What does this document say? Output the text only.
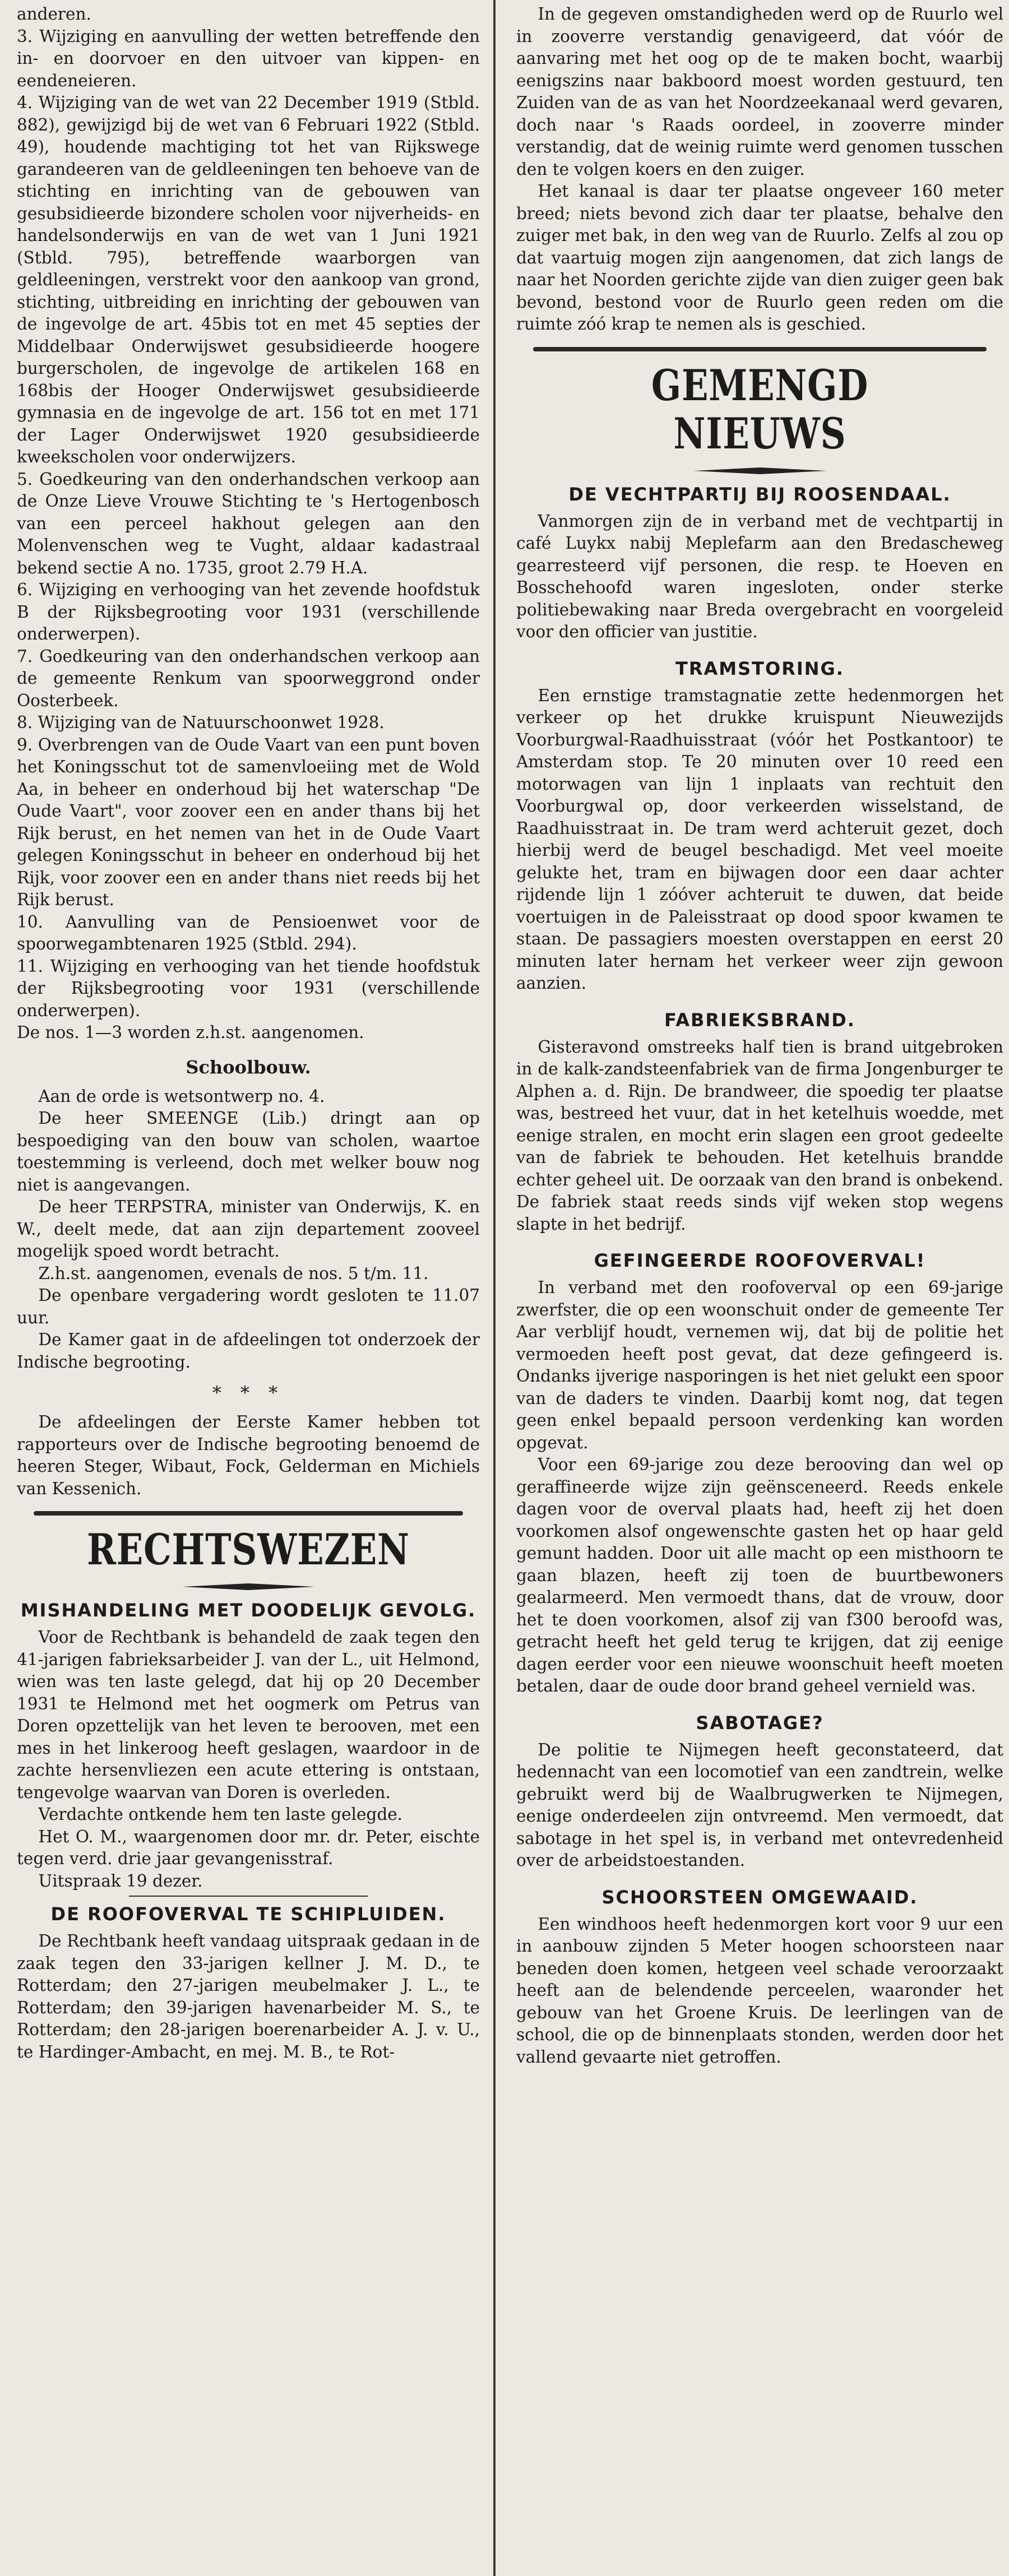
anderen.

3. Wijziging en aanvulling der wetten betreffende den in- en doorvoer en den uitvoer van kippen- en eendeneieren.

4. Wijziging van de wet van 22 December 1919 (Stbld. 882), gewijzigd bij de wet van 6 Februari 1922 (Stbld. 49), houdende machtiging tot het van Rijkswege garandeeren van de geldleeningen ten behoeve van de stichting en inrichting van de gebouwen van gesubsidieerde bizondere scholen voor nijverheids- en handelsonderwijs en van de wet van 1 Juni 1921 (Stbld. 795), betreffende waarborgen van geldleeningen, verstrekt voor den aankoop van grond, stichting, uitbreiding en inrichting der gebouwen van de ingevolge de art. 45bis tot en met 45 septies der Middelbaar Onderwijswet gesubsidieerde hoogere burgerscholen, de ingevolge de artikelen 168 en 168bis der Hooger Onderwijswet gesubsidieerde gymnasia en de ingevolge de art. 156 tot en met 171 der Lager Onderwijswet 1920 gesubsidieerde kweekscholen voor onderwijzers.

5. Goedkeuring van den onderhandschen verkoop aan de Onze Lieve Vrouwe Stichting te 's Hertogenbosch van een perceel hakhout gelegen aan den Molenvenschen weg te Vught, aldaar kadastraal bekend sectie A no. 1735, groot 2.79 H.A.

6. Wijziging en verhooging van het zevende hoofdstuk B der Rijksbegrooting voor 1931 (verschillende onderwerpen).

7. Goedkeuring van den onderhandschen verkoop aan de gemeente Renkum van spoorweggrond onder Oosterbeek.

8. Wijziging van de Natuurschoonwet 1928.

9. Overbrengen van de Oude Vaart van een punt boven het Koningsschut tot de samenvloeiing met de Wold Aa, in beheer en onderhoud bij het waterschap "De Oude Vaart", voor zoover een en ander thans bij het Rijk berust, en het nemen van het in de Oude Vaart gelegen Koningsschut in beheer en onderhoud bij het Rijk, voor zoover een en ander thans niet reeds bij het Rijk berust.

10. Aanvulling van de Pensioenwet voor de spoorwegambtenaren 1925 (Stbld. 294).

11. Wijziging en verhooging van het tiende hoofdstuk der Rijksbegrooting voor 1931 (verschillende onderwerpen).

De nos. 1—3 worden z.h.st. aangenomen.

Schoolbouw.

Aan de orde is wetsontwerp no. 4.

De heer SMEENGE (Lib.) dringt aan op bespoediging van den bouw van scholen, waartoe toestemming is verleend, doch met welker bouw nog niet is aangevangen.

De heer TERPSTRA, minister van Onderwijs, K. en W., deelt mede, dat aan zijn departement zooveel mogelijk spoed wordt betracht.

Z.h.st. aangenomen, evenals de nos. 5 t/m. 11.

De openbare vergadering wordt gesloten te 11.07 uur.

De Kamer gaat in de afdeelingen tot onderzoek der Indische begrooting.

* * *

De afdeelingen der Eerste Kamer hebben tot rapporteurs over de Indische begrooting benoemd de heeren Steger, Wibaut, Fock, Gelderman en Michiels van Kessenich.

RECHTSWEZEN
MISHANDELING MET DOODELIJK GEVOLG.

Voor de Rechtbank is behandeld de zaak tegen den 41-jarigen fabrieksarbeider J. van der L., uit Helmond, wien was ten laste gelegd, dat hij op 20 December 1931 te Helmond met het oogmerk om Petrus van Doren opzettelijk van het leven te berooven, met een mes in het linkeroog heeft geslagen, waardoor in de zachte hersenvliezen een acute ettering is ontstaan, tengevolge waarvan van Doren is overleden.

Verdachte ontkende hem ten laste gelegde.

Het O. M., waargenomen door mr. dr. Peter, eischte tegen verd. drie jaar gevangenisstraf.

Uitspraak 19 dezer.

DE ROOFOVERVAL TE SCHIPLUIDEN.

De Rechtbank heeft vandaag uitspraak gedaan in de zaak tegen den 33-jarigen kellner J. M. D., te Rotterdam; den 27-jarigen meubelmaker J. L., te Rotterdam; den 39-jarigen havenarbeider M. S., te Rotterdam; den 28-jarigen boerenarbeider A. J. v. U., te Hardinger-Ambacht, en mej. M. B., te Rot-

In de gegeven omstandigheden werd op de Ruurlo wel in zooverre verstandig genavigeerd, dat vóór de aanvaring met het oog op de te maken bocht, waarbij eenigszins naar bakboord moest worden gestuurd, ten Zuiden van de as van het Noordzeekanaal werd gevaren, doch naar 's Raads oordeel, in zooverre minder verstandig, dat de weinig ruimte werd genomen tusschen den te volgen koers en den zuiger.

Het kanaal is daar ter plaatse ongeveer 160 meter breed; niets bevond zich daar ter plaatse, behalve den zuiger met bak, in den weg van de Ruurlo. Zelfs al zou op dat vaartuig mogen zijn aangenomen, dat zich langs de naar het Noorden gerichte zijde van dien zuiger geen bak bevond, bestond voor de Ruurlo geen reden om die ruimte zóó krap te nemen als is geschied.

GEMENGD NIEUWS
DE VECHTPARTIJ BIJ ROOSENDAAL.

Vanmorgen zijn de in verband met de vechtpartij in café Luykx nabij Meplefarm aan den Bredascheweg gearresteerd vijf personen, die resp. te Hoeven en Bosschehoofd waren ingesloten, onder sterke politiebewaking naar Breda overgebracht en voorgeleid voor den officier van justitie.

TRAMSTORING.

Een ernstige tramstagnatie zette hedenmorgen het verkeer op het drukke kruispunt Nieuwezijds Voorburgwal-Raadhuisstraat (vóór het Postkantoor) te Amsterdam stop. Te 20 minuten over 10 reed een motorwagen van lijn 1 inplaats van rechtuit den Voorburgwal op, door verkeerden wisselstand, de Raadhuisstraat in. De tram werd achteruit gezet, doch hierbij werd de beugel beschadigd. Met veel moeite gelukte het, tram en bijwagen door een daar achter rijdende lijn 1 zóóver achteruit te duwen, dat beide voertuigen in de Paleisstraat op dood spoor kwamen te staan. De passagiers moesten overstappen en eerst 20 minuten later hernam het verkeer weer zijn gewoon aanzien.

FABRIEKSBRAND.

Gisteravond omstreeks half tien is brand uitgebroken in de kalk-zandsteenfabriek van de firma Jongenburger te Alphen a. d. Rijn. De brandweer, die spoedig ter plaatse was, bestreed het vuur, dat in het ketelhuis woedde, met eenige stralen, en mocht erin slagen een groot gedeelte van de fabriek te behouden. Het ketelhuis brandde echter geheel uit. De oorzaak van den brand is onbekend. De fabriek staat reeds sinds vijf weken stop wegens slapte in het bedrijf.

GEFINGEERDE ROOFOVERVAL!

In verband met den roofoverval op een 69-jarige zwerfster, die op een woonschuit onder de gemeente Ter Aar verblijf houdt, vernemen wij, dat bij de politie het vermoeden heeft post gevat, dat deze gefingeerd is. Ondanks ijverige nasporingen is het niet gelukt een spoor van de daders te vinden. Daarbij komt nog, dat tegen geen enkel bepaald persoon verdenking kan worden opgevat.

Voor een 69-jarige zou deze berooving dan wel op geraffineerde wijze zijn geënsceneerd. Reeds enkele dagen voor de overval plaats had, heeft zij het doen voorkomen alsof ongewenschte gasten het op haar geld gemunt hadden. Door uit alle macht op een misthoorn te gaan blazen, heeft zij toen de buurtbewoners gealarmeerd. Men vermoedt thans, dat de vrouw, door het te doen voorkomen, alsof zij van f300 beroofd was, getracht heeft het geld terug te krijgen, dat zij eenige dagen eerder voor een nieuwe woonschuit heeft moeten betalen, daar de oude door brand geheel vernield was.

SABOTAGE?

De politie te Nijmegen heeft geconstateerd, dat hedennacht van een locomotief van een zandtrein, welke gebruikt werd bij de Waalbrugwerken te Nijmegen, eenige onderdeelen zijn ontvreemd. Men vermoedt, dat sabotage in het spel is, in verband met ontevredenheid over de arbeidstoestanden.

SCHOORSTEEN OMGEWAAID.

Een windhoos heeft hedenmorgen kort voor 9 uur een in aanbouw zijnden 5 Meter hoogen schoorsteen naar beneden doen komen, hetgeen veel schade veroorzaakt heeft aan de belendende perceelen, waaronder het gebouw van het Groene Kruis. De leerlingen van de school, die op de binnenplaats stonden, werden door het vallend gevaarte niet getroffen.
